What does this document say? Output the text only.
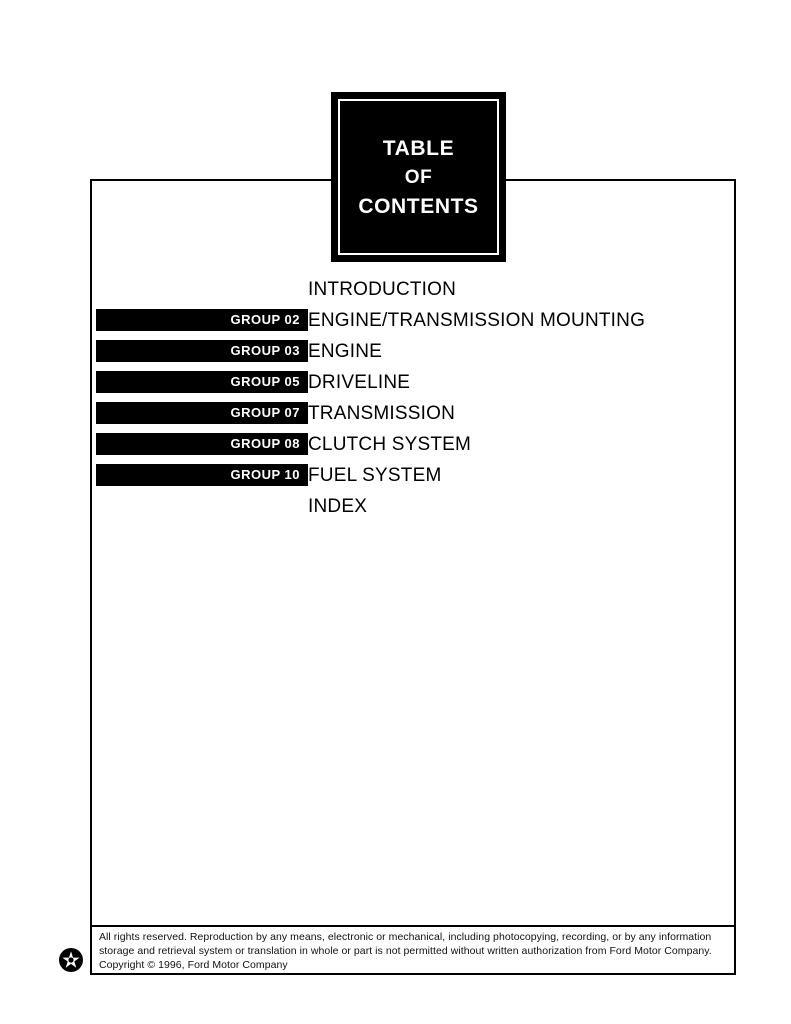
TABLE
OF
CONTENTS
INTRODUCTION
GROUP 02 ENGINE/TRANSMISSION MOUNTING
GROUP 03 ENGINE
GROUP 05 DRIVELINE
GROUP 07 TRANSMISSION
GROUP 08 CLUTCH SYSTEM
GROUP 10 FUEL SYSTEM
INDEX
All rights reserved. Reproduction by any means, electronic or mechanical, including photocopying, recording, or by any information storage and retrieval system or translation in whole or part is not permitted without written authorization from Ford Motor Company. Copyright © 1996, Ford Motor Company
